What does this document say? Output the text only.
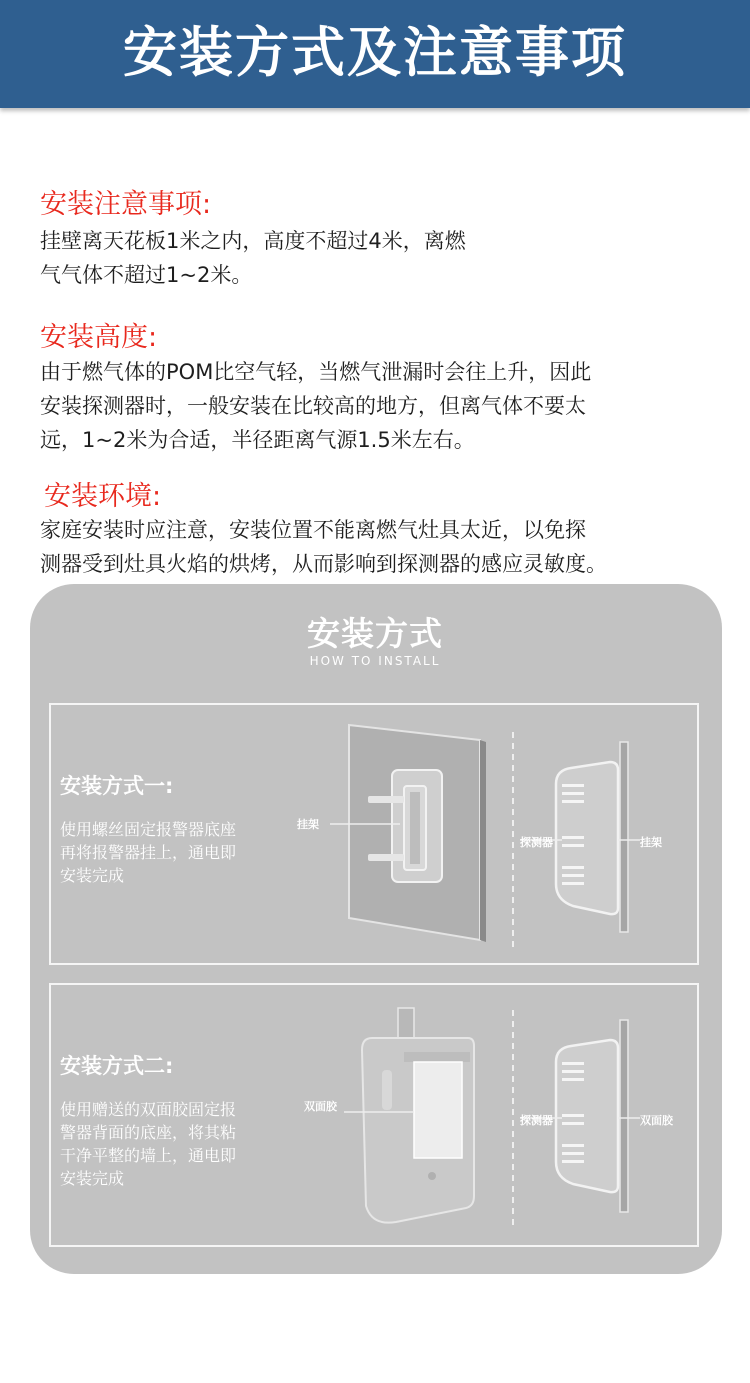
安装方式及注意事项
安装注意事项:
挂壁离天花板1米之内，高度不超过4米，离燃
气气体不超过1~2米。
安装高度:
由于燃气体的POM比空气轻，当燃气泄漏时会往上升，因此
安装探测器时，一般安装在比较高的地方，但离气体不要太
远，1~2米为合适，半径距离气源1.5米左右。
安装环境:
家庭安装时应注意，安装位置不能离燃气灶具太近，以免探
测器受到灶具火焰的烘烤，从而影响到探测器的感应灵敏度。
安装方式
HOW TO INSTALL
安装方式一:
使用螺丝固定报警器底座
再将报警器挂上，通电即
安装完成
挂架
探测器	挂架
安装方式二:
使用赠送的双面胶固定报
警器背面的底座，将其粘
干净平整的墙上，通电即
安装完成
双面胶
探测器	双面胶
